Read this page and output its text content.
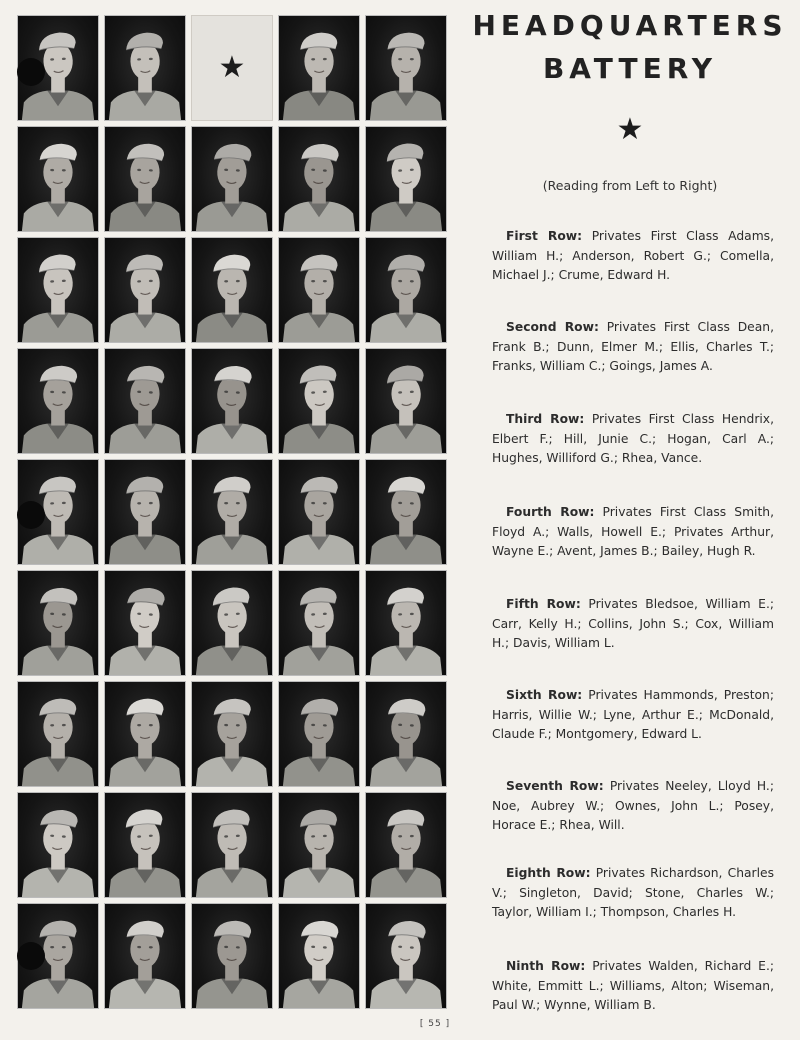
★
HEADQUARTERS
BATTERY
★
(Reading from Left to Right)
First Row: Privates First Class Adams, William H.; Anderson, Robert G.; Comella, Michael J.; Crume, Edward H.
Second Row: Privates First Class Dean, Frank B.; Dunn, Elmer M.; Ellis, Charles T.; Franks, William C.; Goings, James A.
Third Row: Privates First Class Hendrix, Elbert F.; Hill, Junie C.; Hogan, Carl A.; Hughes, Williford G.; Rhea, Vance.
Fourth Row: Privates First Class Smith, Floyd A.; Walls, Howell E.; Privates Arthur, Wayne E.; Avent, James B.; Bailey, Hugh R.
Fifth Row: Privates Bledsoe, William E.; Carr, Kelly H.; Collins, John S.; Cox, William H.; Davis, William L.
Sixth Row: Privates Hammonds, Preston; Harris, Willie W.; Lyne, Arthur E.; McDonald, Claude F.; Montgomery, Edward L.
Seventh Row: Privates Neeley, Lloyd H.; Noe, Aubrey W.; Ownes, John L.; Posey, Horace E.; Rhea, Will.
Eighth Row: Privates Richardson, Charles V.; Singleton, David; Stone, Charles W.; Taylor, William I.; Thompson, Charles H.
Ninth Row: Privates Walden, Richard E.; White, Emmitt L.; Williams, Alton; Wiseman, Paul W.; Wynne, William B.
[ 55 ]
